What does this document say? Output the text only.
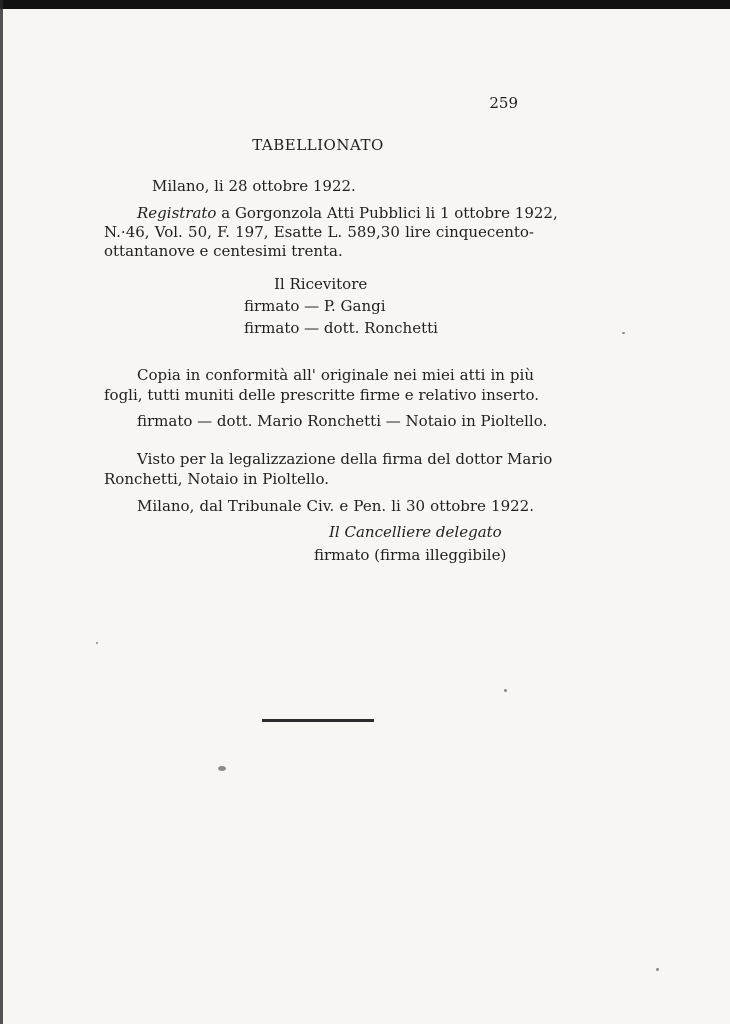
259
TABELLIONATO
Milano, li 28 ottobre 1922.
Registrato a Gorgonzola Atti Pubblici li 1 ottobre 1922,
N.·46, Vol. 50, F. 197, Esatte L. 589,30 lire cinquecento-
ottantanove e centesimi trenta.
Il Ricevitore
firmato — P. Gangi
firmato — dott. Ronchetti
Copia in conformità all' originale nei miei atti in più
fogli, tutti muniti delle prescritte firme e relativo inserto.
firmato — dott. Mario Ronchetti — Notaio in Pioltello.
Visto per la legalizzazione della firma del dottor Mario
Ronchetti, Notaio in Pioltello.
Milano, dal Tribunale Civ. e Pen. li 30 ottobre 1922.
Il Cancelliere delegato
firmato (firma illeggibile)
